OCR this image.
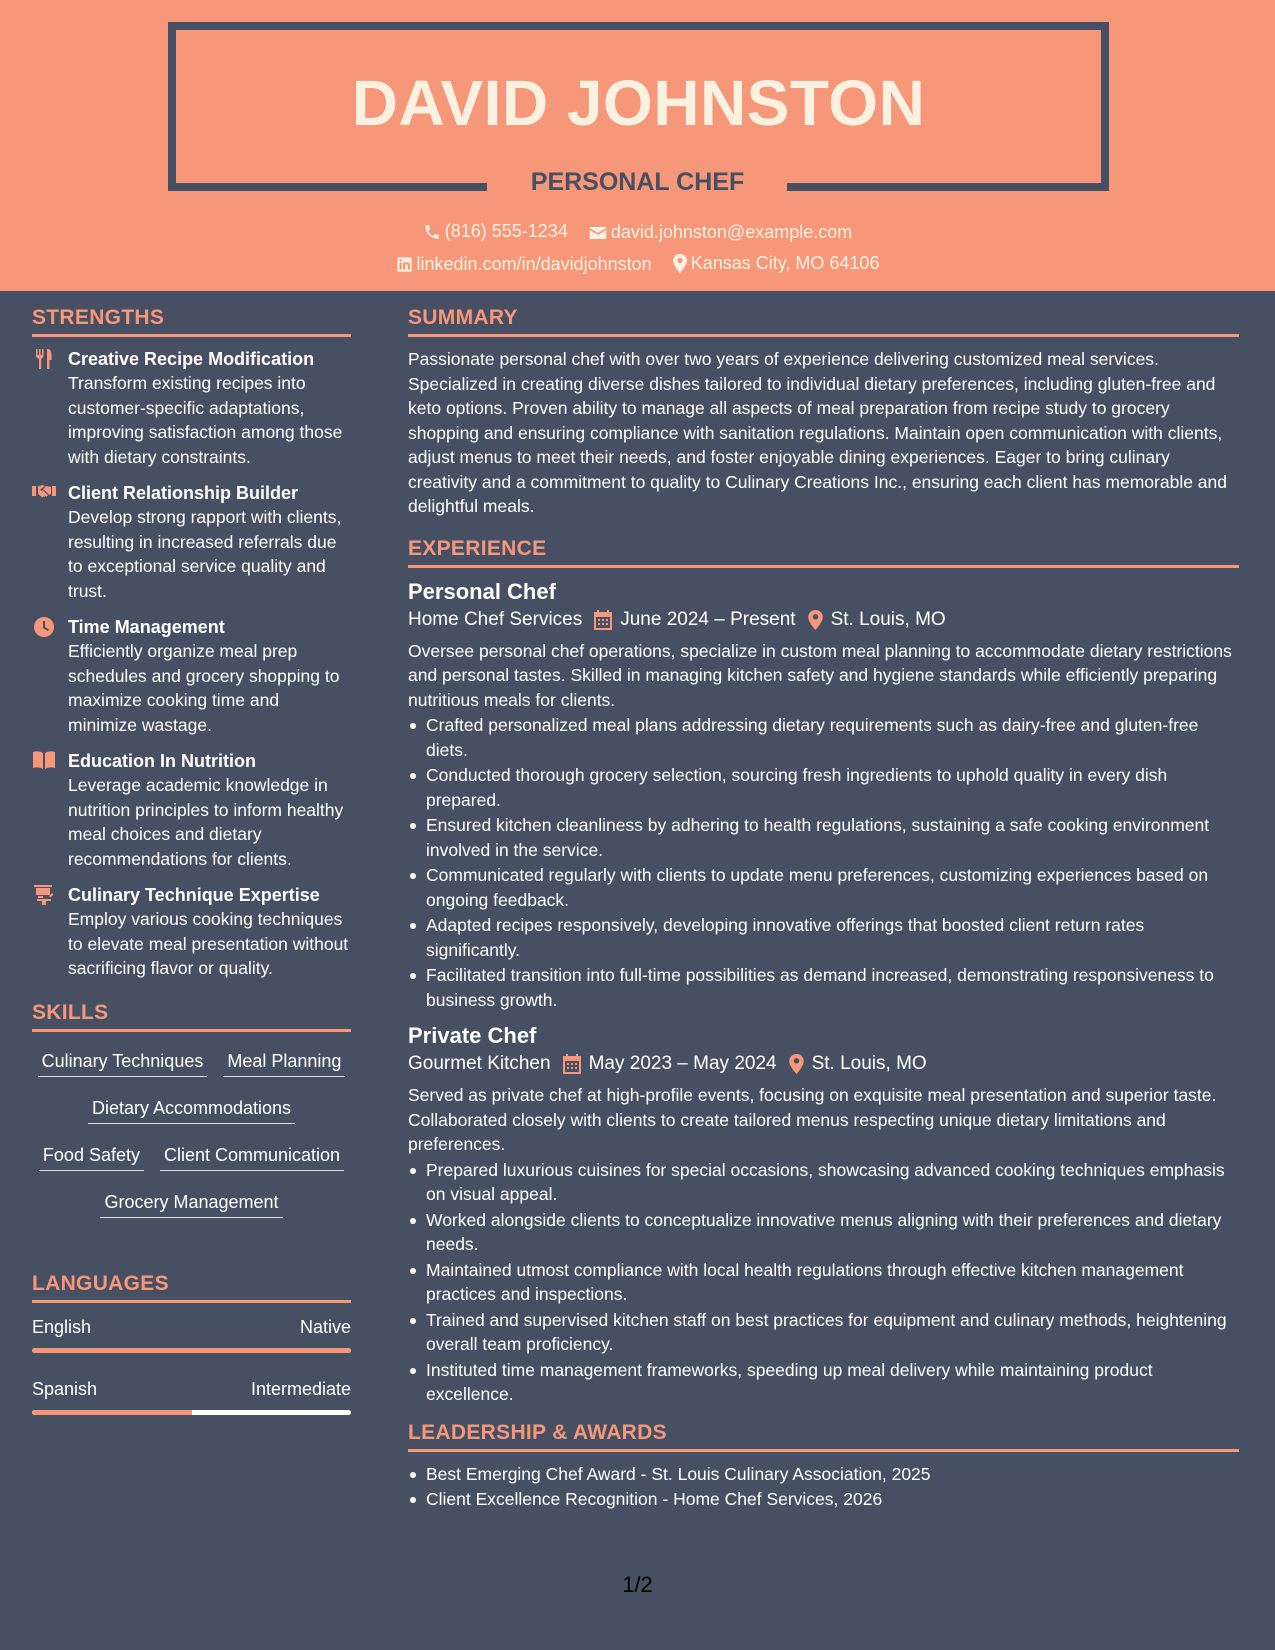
DAVID JOHNSTON
PERSONAL CHEF
(816) 555-1234
david.johnston@example.com
linkedin.com/in/davidjohnston
Kansas City, MO 64106
STRENGTHS
Creative Recipe Modification
Transform existing recipes into customer-specific adaptations, improving satisfaction among those with dietary constraints.
Client Relationship Builder
Develop strong rapport with clients, resulting in increased referrals due to exceptional service quality and trust.
Time Management
Efficiently organize meal prep schedules and grocery shopping to maximize cooking time and minimize wastage.
Education In Nutrition
Leverage academic knowledge in nutrition principles to inform healthy meal choices and dietary recommendations for clients.
Culinary Technique Expertise
Employ various cooking techniques to elevate meal presentation without sacrificing flavor or quality.
SKILLS
Culinary Techniques Meal Planning
Dietary Accommodations
Food Safety Client Communication
Grocery Management
LANGUAGES
English	Native
Spanish	Intermediate
SUMMARY
Passionate personal chef with over two years of experience delivering customized meal services. Specialized in creating diverse dishes tailored to individual dietary preferences, including gluten-free and keto options. Proven ability to manage all aspects of meal preparation from recipe study to grocery shopping and ensuring compliance with sanitation regulations. Maintain open communication with clients, adjust menus to meet their needs, and foster enjoyable dining experiences. Eager to bring culinary creativity and a commitment to quality to Culinary Creations Inc., ensuring each client has memorable and delightful meals.
EXPERIENCE
Personal Chef
Home Chef Services June 2024 – Present St. Louis, MO
Oversee personal chef operations, specialize in custom meal planning to accommodate dietary restrictions and personal tastes. Skilled in managing kitchen safety and hygiene standards while efficiently preparing nutritious meals for clients.
Crafted personalized meal plans addressing dietary requirements such as dairy-free and gluten-free diets.
Conducted thorough grocery selection, sourcing fresh ingredients to uphold quality in every dish prepared.
Ensured kitchen cleanliness by adhering to health regulations, sustaining a safe cooking environment involved in the service.
Communicated regularly with clients to update menu preferences, customizing experiences based on ongoing feedback.
Adapted recipes responsively, developing innovative offerings that boosted client return rates significantly.
Facilitated transition into full-time possibilities as demand increased, demonstrating responsiveness to business growth.
Private Chef
Gourmet Kitchen May 2023 – May 2024 St. Louis, MO
Served as private chef at high-profile events, focusing on exquisite meal presentation and superior taste. Collaborated closely with clients to create tailored menus respecting unique dietary limitations and preferences.
Prepared luxurious cuisines for special occasions, showcasing advanced cooking techniques emphasis on visual appeal.
Worked alongside clients to conceptualize innovative menus aligning with their preferences and dietary needs.
Maintained utmost compliance with local health regulations through effective kitchen management practices and inspections.
Trained and supervised kitchen staff on best practices for equipment and culinary methods, heightening overall team proficiency.
Instituted time management frameworks, speeding up meal delivery while maintaining product excellence.
LEADERSHIP & AWARDS
Best Emerging Chef Award - St. Louis Culinary Association, 2025
Client Excellence Recognition - Home Chef Services, 2026
1/2
